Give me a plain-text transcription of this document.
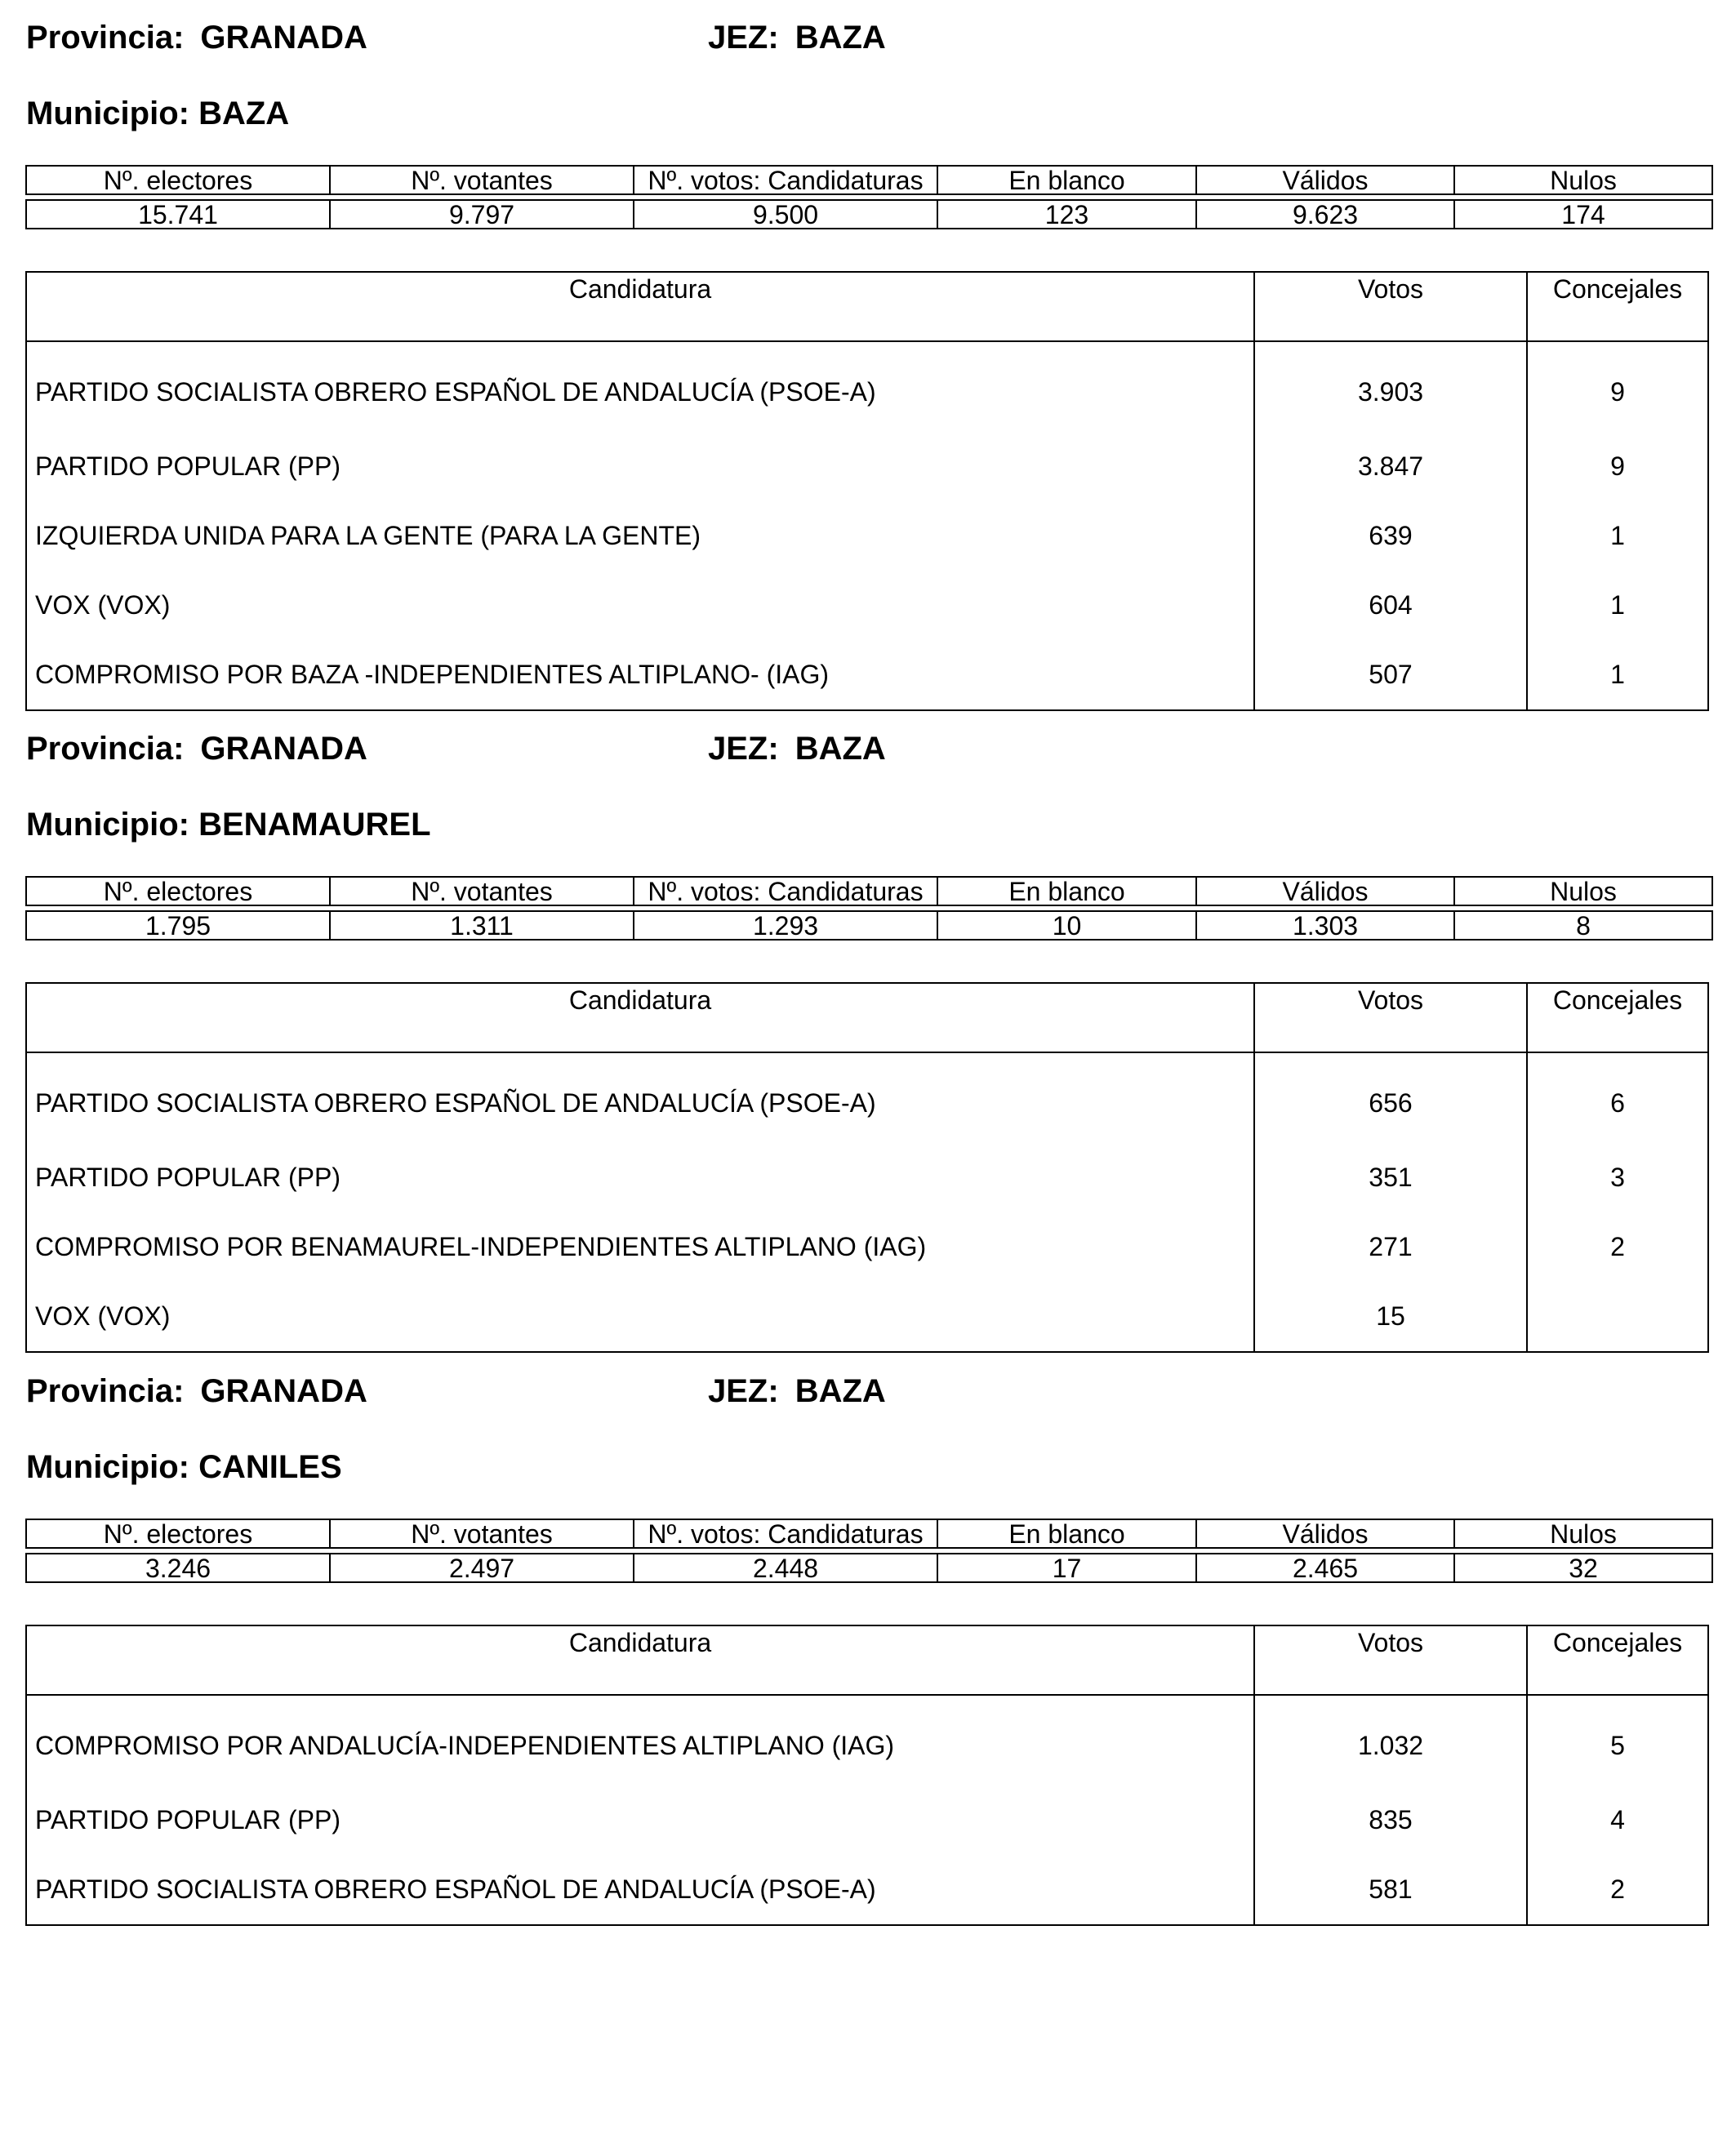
Provincia: GRANADA	JEZ: BAZA
Municipio: BAZA
Nº. electores	Nº. votantes	Nº. votos: Candidaturas	En blanco	Válidos	Nulos

15.741	9.797	9.500	123	9.623	174
Candidatura	Votos	Concejales
PARTIDO SOCIALISTA OBRERO ESPAÑOL DE ANDALUCÍA (PSOE-A)	3.903	9
PARTIDO POPULAR (PP)	3.847	9
IZQUIERDA UNIDA PARA LA GENTE (PARA LA GENTE)	639	1
VOX (VOX)	604	1
COMPROMISO POR BAZA -INDEPENDIENTES ALTIPLANO- (IAG)	507	1
Provincia: GRANADA	JEZ: BAZA
Municipio: BENAMAUREL
Nº. electores	Nº. votantes	Nº. votos: Candidaturas	En blanco	Válidos	Nulos

1.795	1.311	1.293	10	1.303	8
Candidatura	Votos	Concejales
PARTIDO SOCIALISTA OBRERO ESPAÑOL DE ANDALUCÍA (PSOE-A)	656	6
PARTIDO POPULAR (PP)	351	3
COMPROMISO POR BENAMAUREL-INDEPENDIENTES ALTIPLANO (IAG)	271	2
VOX (VOX)	15	
Provincia: GRANADA	JEZ: BAZA
Municipio: CANILES
Nº. electores	Nº. votantes	Nº. votos: Candidaturas	En blanco	Válidos	Nulos

3.246	2.497	2.448	17	2.465	32
Candidatura	Votos	Concejales
COMPROMISO POR ANDALUCÍA-INDEPENDIENTES ALTIPLANO (IAG)	1.032	5
PARTIDO POPULAR (PP)	835	4
PARTIDO SOCIALISTA OBRERO ESPAÑOL DE ANDALUCÍA (PSOE-A)	581	2
